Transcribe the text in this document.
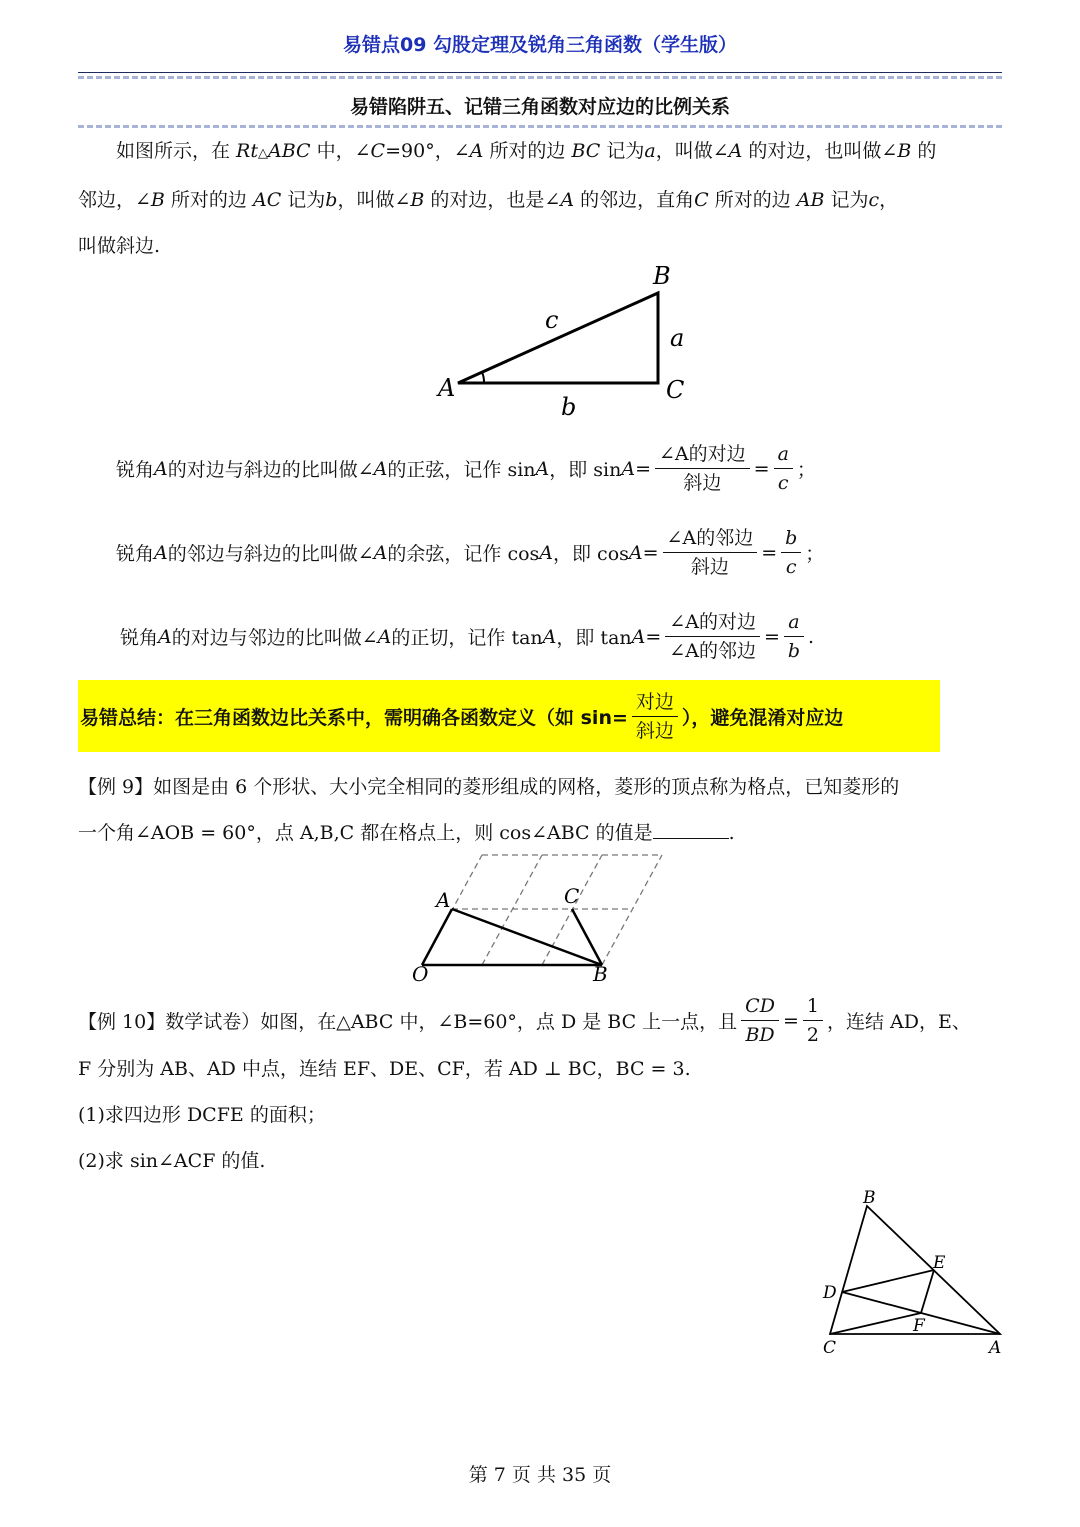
易错点09 勾股定理及锐角三角函数（学生版）
易错陷阱五、记错三角函数对应边的比例关系

如图所示，在 Rt△ABC 中，∠C=90°，∠A 所对的边 BC 记为a，叫做∠A 的对边，也叫做∠B 的

邻边，∠B 所对的边 AC 记为b，叫做∠B 的对边，也是∠A 的邻边，直角C 所对的边 AB 记为c，

叫做斜边.

A
B
C
a
b
c
锐角 A 的对边与斜边的比叫做∠ A 的正弦，记作 sin A ，即 $\sin A = \frac{\text{∠A的对边}}{\text{斜边}} = \frac{a}{c}$ ；
锐角 A 的邻边与斜边的比叫做∠ A 的余弦，记作 cos A ，即 $\cos A = \frac{\text{∠A的邻边}}{\text{斜边}} = \frac{b}{c}$ ；
锐角 A 的对边与邻边的比叫做∠ A 的正切，记作 tan A ，即 $\tan A = \frac{\text{∠A的对边}}{\text{∠A的邻边}} = \frac{a}{b}$ .
易错总结：在三角函数边比关系中，需明确各函数定义（如 $\sin= \frac{\text{对边}}{\text{斜边}}$ ），避免混淆对应边

【例 9】如图是由 6 个形状、大小完全相同的菱形组成的网格，菱形的顶点称为格点，已知菱形的

一个角∠AOB = 60°，点 A,B,C 都在格点上，则 cos∠ABC 的值是	.

A	C
O	B
【例 10】数学试卷）如图，在△ABC 中，∠B=60°，点 D 是 BC 上一点，且 $\frac{CD}{BD} = \frac{1}{2}$ ，连结 AD，E、

F 分别为 AB、AD 中点，连结 EF、DE、CF，若 AD ⊥ BC，BC = 3.

(1)求四边形 DCFE 的面积；

(2)求 sin∠ACF 的值.

B
E
D
F
C	A
第 7 页 共 35 页
